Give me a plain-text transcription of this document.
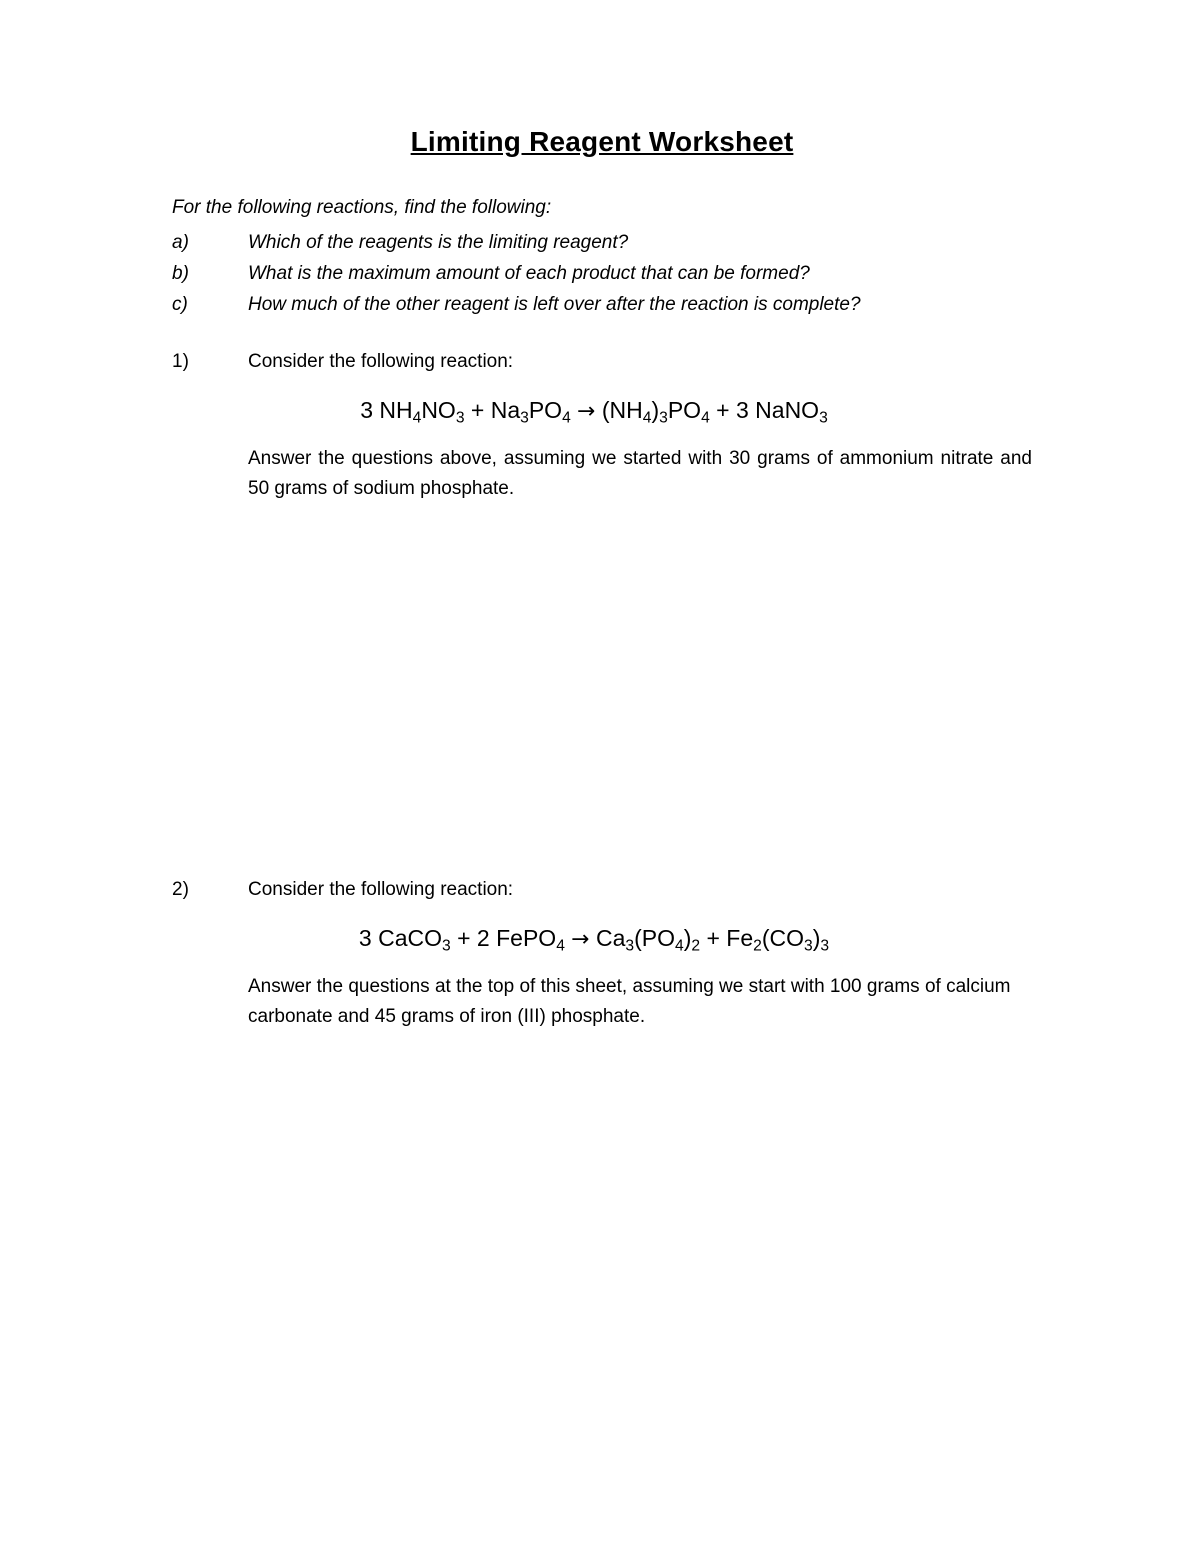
Limiting Reagent Worksheet

For the following reactions, find the following:

a)	Which of the reagents is the limiting reagent?
b)	What is the maximum amount of each product that can be formed?
c)	How much of the other reagent is left over after the reaction is complete?
1)	Consider the following reaction:
3 $NH_4NO_3 + Na_3PO_4 \to (NH_4)_3PO_4 + 3$ NaNO$_3$
Answer the questions above, assuming we started with 30 grams of ammonium nitrate and 50 grams of sodium phosphate.
2)	Consider the following reaction:
3 CaCO$_3$ + 2 FePO$_4$ → $Ca_3(PO_4)_2 + Fe_2(CO_3)_3$
Answer the questions at the top of this sheet, assuming we start with 100 grams of calcium carbonate and 45 grams of iron (III) phosphate.
